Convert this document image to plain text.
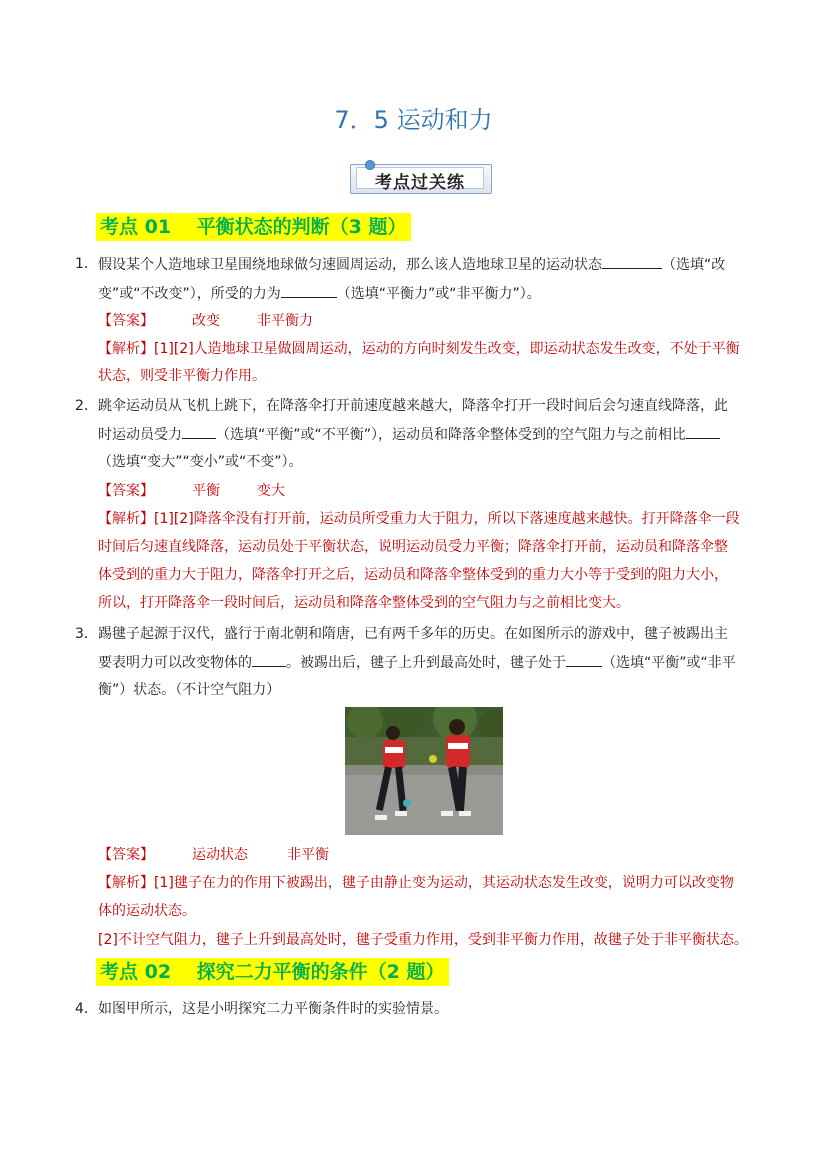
7．5 运动和力
考点过关练
考点 01　 平衡状态的判断（3 题）
1． 假设某个人造地球卫星围绕地球做匀速圆周运动，那么该人造地球卫星的运动状态	（选填“改
变”或“不改变”），所受的力为	（选填“平衡力”或“非平衡力”）。
【答案】	改变	非平衡力
【解析】[1][2]人造地球卫星做圆周运动，运动的方向时刻发生改变，即运动状态发生改变，不处于平衡
状态，则受非平衡力作用。
2． 跳伞运动员从飞机上跳下，在降落伞打开前速度越来越大，降落伞打开一段时间后会匀速直线降落，此
时运动员受力 （选填“平衡”或“不平衡”），运动员和降落伞整体受到的空气阻力与之前相比
（选填“变大”“变小”或“不变”）。
【答案】	平衡	变大
【解析】[1][2]降落伞没有打开前，运动员所受重力大于阻力，所以下落速度越来越快。打开降落伞一段
时间后匀速直线降落，运动员处于平衡状态，说明运动员受力平衡；降落伞打开前，运动员和降落伞整
体受到的重力大于阻力，降落伞打开之后，运动员和降落伞整体受到的重力大小等于受到的阻力大小，
所以，打开降落伞一段时间后，运动员和降落伞整体受到的空气阻力与之前相比变大。
3． 踢毽子起源于汉代，盛行于南北朝和隋唐，已有两千多年的历史。在如图所示的游戏中，毽子被踢出主
要表明力可以改变物体的 。被踢出后，毽子上升到最高处时，毽子处于	（选填“平衡”或“非平
衡”）状态。（不计空气阻力）
【答案】	运动状态	非平衡
【解析】[1]毽子在力的作用下被踢出，毽子由静止变为运动，其运动状态发生改变，说明力可以改变物
体的运动状态。
[2]不计空气阻力，毽子上升到最高处时，毽子受重力作用，受到非平衡力作用，故毽子处于非平衡状态。
考点 02　 探究二力平衡的条件（2 题）
4． 如图甲所示，这是小明探究二力平衡条件时的实验情景。
